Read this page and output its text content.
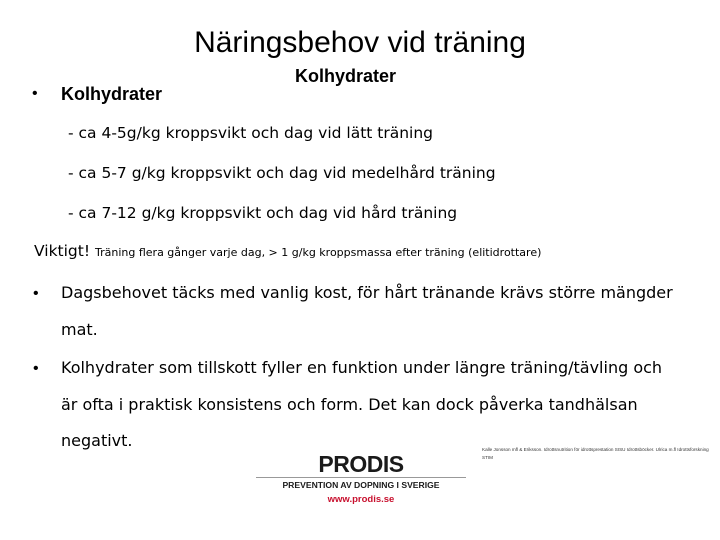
Näringsbehov vid träning
• Kolhydrater
Kolhydrater
- ca 4-5g/kg kroppsvikt och dag vid lätt träning
- ca 5-7 g/kg kroppsvikt och dag vid medelhård träning
- ca 7-12 g/kg kroppsvikt och dag vid hård träning
Viktigt! Träning flera gånger varje dag, > 1 g/kg kroppsmassa efter träning (elitidrottare)
• Dagsbehovet täcks med vanlig kost, för hårt tränande krävs större mängder
mat.
• Kolhydrater som tillskott fyller en funktion under längre träning/tävling och
är ofta i praktisk konsistens och form. Det kan dock påverka tandhälsan
negativt.	Kalle Jonsson mfl & Eriksson. Idrottsnutrition för idrottsprestation SISU Idrottsböcker. Ulrica m.fl Idrottsforskning STIM
PRODIS
PREVENTION AV DOPNING I SVERIGE
www.prodis.se
